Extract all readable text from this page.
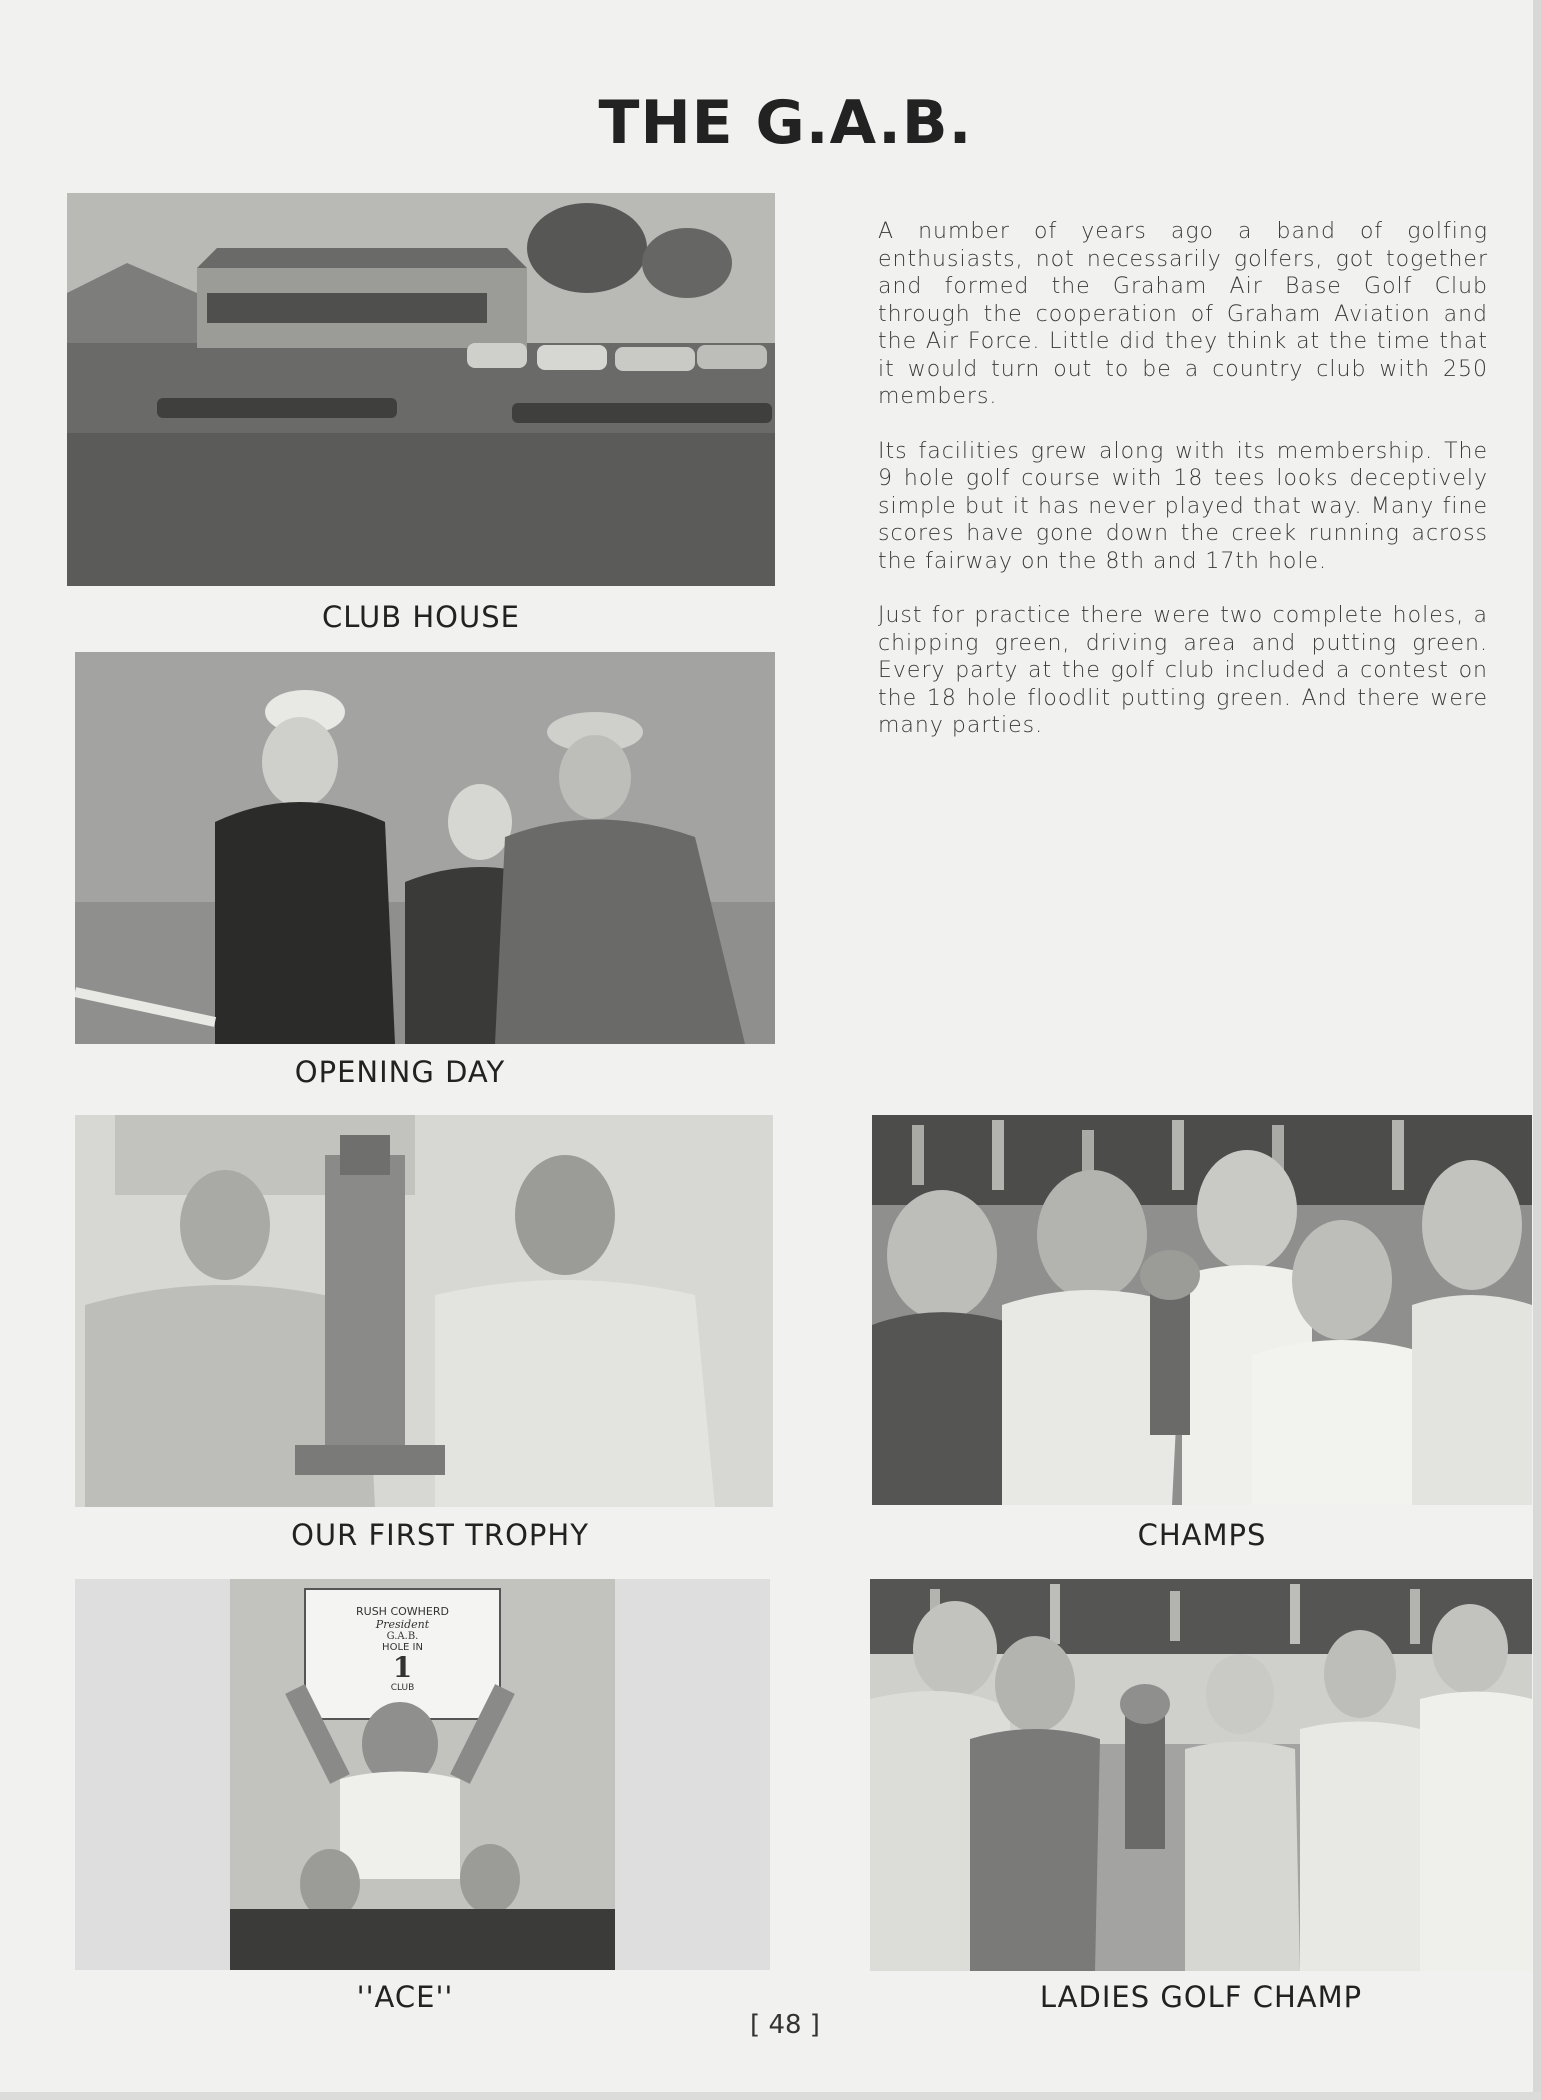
THE G.A.B.
CLUB HOUSE
OPENING DAY
OUR FIRST TROPHY	CHAMPS
RUSH COWHERD
President
G.A.B.
HOLE IN
1
CLUB
''ACE''	LADIES GOLF CHAMP

A number of years ago a band of golfing enthusiasts, not necessarily golfers, got together and formed the Graham Air Base Golf Club through the cooperation of Graham Aviation and the Air Force. Little did they think at the time that it would turn out to be a country club with 250 members.

Its facilities grew along with its membership. The 9 hole golf course with 18 tees looks deceptively simple but it has never played that way. Many fine scores have gone down the creek running across the fairway on the 8th and 17th hole.

Just for practice there were two complete holes, a chipping green, driving area and putting green. Every party at the golf club included a contest on the 18 hole floodlit putting green. And there were many parties.

[ 48 ]
